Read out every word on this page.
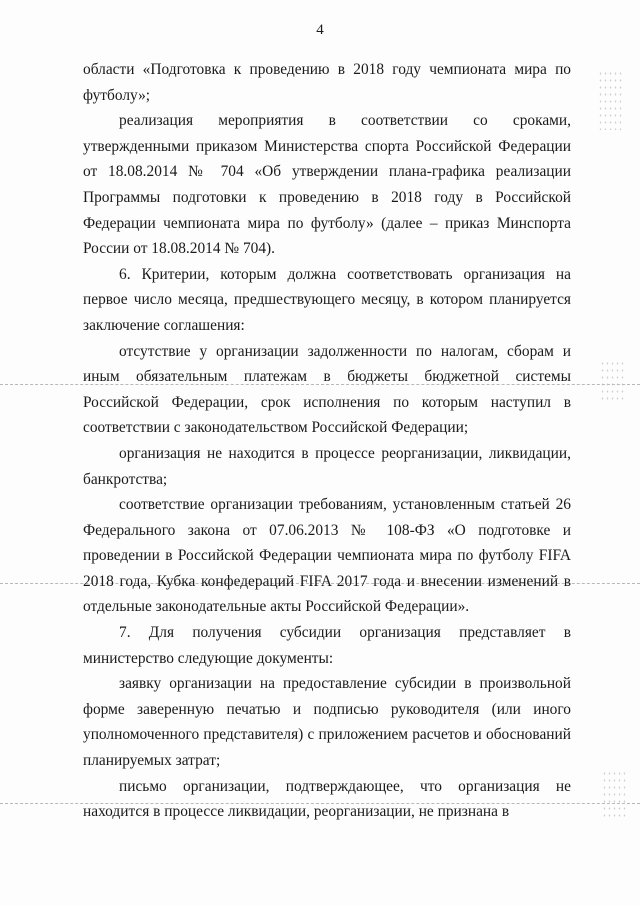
4

области «Подготовка к проведению в 2018 году чемпионата мира по футболу»;

реализация мероприятия в соответствии со сроками, утвержденными приказом Министерства спорта Российской Федерации от 18.08.2014 № 704 «Об утверждении плана-графика реализации Программы подготовки к проведению в 2018 году в Российской Федерации чемпионата мира по футболу» (далее – приказ Минспорта России от 18.08.2014 № 704).

6. Критерии, которым должна соответствовать организация на первое число месяца, предшествующего месяцу, в котором планируется заключение соглашения:

отсутствие у организации задолженности по налогам, сборам и иным обязательным платежам в бюджеты бюджетной системы Российской Федерации, срок исполнения по которым наступил в соответствии с законодательством Российской Федерации;

организация не находится в процессе реорганизации, ликвидации, банкротства;

соответствие организации требованиям, установленным статьей 26 Федерального закона от 07.06.2013 № 108-ФЗ «О подготовке и проведении в Российской Федерации чемпионата мира по футболу FIFA 2018 года, Кубка конфедераций FIFA 2017 года и внесении изменений в отдельные законодательные акты Российской Федерации».

7. Для получения субсидии организация представляет в министерство следующие документы:

заявку организации на предоставление субсидии в произвольной форме заверенную печатью и подписью руководителя (или иного уполномоченного представителя) с приложением расчетов и обоснований планируемых затрат;

письмо организации, подтверждающее, что организация не находится в процессе ликвидации, реорганизации, не признана в
